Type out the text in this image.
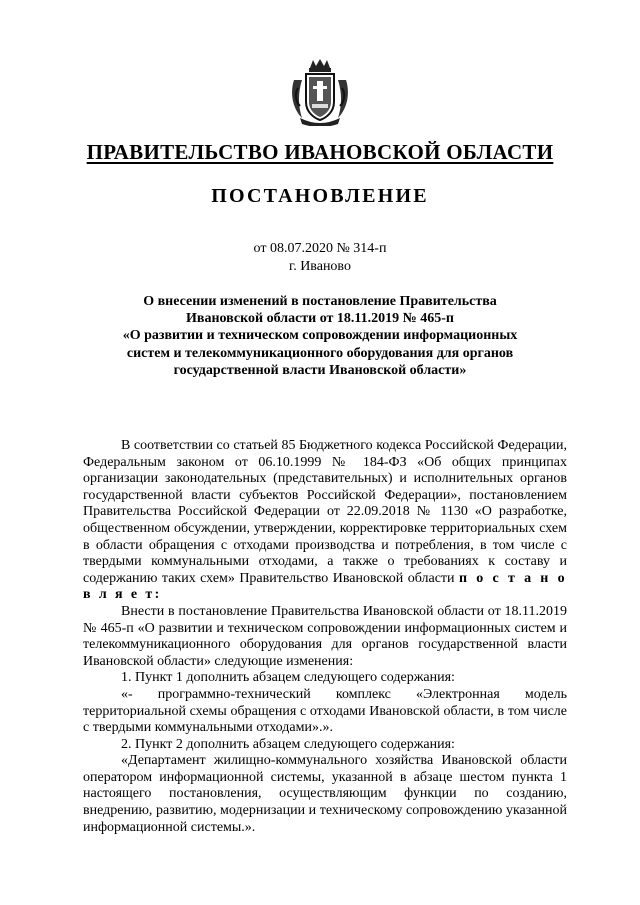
ПРАВИТЕЛЬСТВО ИВАНОВСКОЙ ОБЛАСТИ
ПОСТАНОВЛЕНИЕ
от 08.07.2020 № 314-п
г. Иваново
О внесении изменений в постановление Правительства
Ивановской области от 18.11.2019 № 465-п
«О развитии и техническом сопровождении информационных
систем и телекоммуникационного оборудования для органов
государственной власти Ивановской области»

В соответствии со статьей 85 Бюджетного кодекса Российской Федерации, Федеральным законом от 06.10.1999 № 184-ФЗ «Об общих принципах организации законодательных (представительных) и исполнительных органов государственной власти субъектов Российской Федерации», постановлением Правительства Российской Федерации от 22.09.2018 № 1130 «О разработке, общественном обсуждении, утверждении, корректировке территориальных схем в области обращения с отходами производства и потребления, в том числе с твердыми коммунальными отходами, а также о требованиях к составу и содержанию таких схем» Правительство Ивановской области п о с т а н о в л я е т:

Внести в постановление Правительства Ивановской области от 18.11.2019 № 465-п «О развитии и техническом сопровождении информационных систем и телекоммуникационного оборудования для органов государственной власти Ивановской области» следующие изменения:

1. Пункт 1 дополнить абзацем следующего содержания:

«- программно-технический комплекс «Электронная модель территориальной схемы обращения с отходами Ивановской области, в том числе с твердыми коммунальными отходами».».

2. Пункт 2 дополнить абзацем следующего содержания:

«Департамент жилищно-коммунального хозяйства Ивановской области оператором информационной системы, указанной в абзаце шестом пункта 1 настоящего постановления, осуществляющим функции по созданию, внедрению, развитию, модернизации и техническому сопровождению указанной информационной системы.».
